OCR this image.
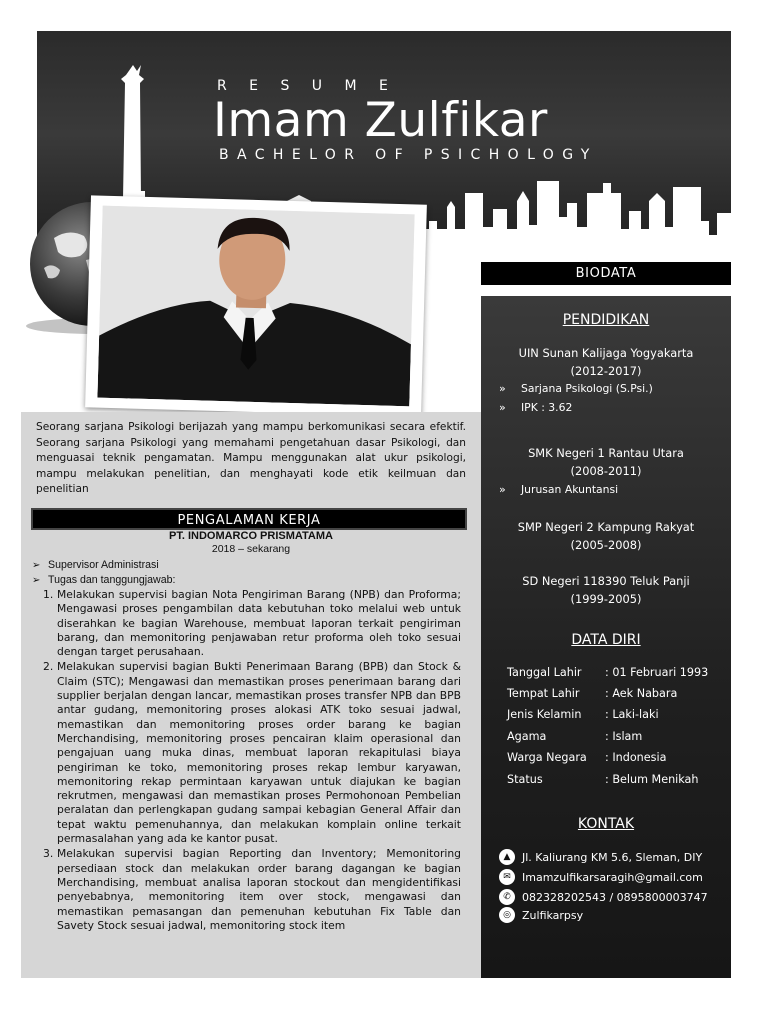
R E S U M E
Imam Zulfikar
BACHELOR OF PSICHOLOGY

Seorang sarjana Psikologi berijazah yang mampu berkomunikasi secara efektif. Seorang sarjana Psikologi yang memahami pengetahuan dasar Psikologi, dan menguasai teknik pengamatan. Mampu menggunakan alat ukur psikologi, mampu melakukan penelitian, dan menghayati kode etik keilmuan dan penelitian

PENGALAMAN KERJA
PT. INDOMARCO PRISMATAMA
2018 – sekarang
➢ Supervisor Administrasi
➢ Tugas dan tanggungjawab:
1. Melakukan supervisi bagian Nota Pengiriman Barang (NPB) dan Proforma; Mengawasi proses pengambilan data kebutuhan toko melalui web untuk diserahkan ke bagian Warehouse, membuat laporan terkait pengiriman barang, dan memonitoring penjawaban retur proforma oleh toko sesuai dengan target perusahaan.
2. Melakukan supervisi bagian Bukti Penerimaan Barang (BPB) dan Stock & Claim (STC); Mengawasi dan memastikan proses penerimaan barang dari supplier berjalan dengan lancar, memastikan proses transfer NPB dan BPB antar gudang, memonitoring proses alokasi ATK toko sesuai jadwal, memastikan dan memonitoring proses order barang ke bagian Merchandising, memonitoring proses pencairan klaim operasional dan pengajuan uang muka dinas, membuat laporan rekapitulasi biaya pengiriman ke toko, memonitoring proses rekap lembur karyawan, memonitoring rekap permintaan karyawan untuk diajukan ke bagian rekrutmen, mengawasi dan memastikan proses Permohonoan Pembelian peralatan dan perlengkapan gudang sampai kebagian General Affair dan tepat waktu pemenuhannya, dan melakukan komplain online terkait permasalahan yang ada ke kantor pusat.
3. Melakukan supervisi bagian Reporting dan Inventory; Memonitoring persediaan stock dan melakukan order barang dagangan ke bagian Merchandising, membuat analisa laporan stockout dan mengidentifikasi penyebabnya, memonitoring item over stock, mengawasi dan memastikan pemasangan dan pemenuhan kebutuhan Fix Table dan Savety Stock sesuai jadwal, memonitoring stock item
BIODATA
PENDIDIKAN
UIN Sunan Kalijaga Yogyakarta
(2012-2017)
» Sarjana Psikologi (S.Psi.)
» IPK : 3.62
SMK Negeri 1 Rantau Utara
(2008-2011)
» Jurusan Akuntansi
SMP Negeri 2 Kampung Rakyat
(2005-2008)
SD Negeri 118390 Teluk Panji
(1999-2005)
DATA DIRI
Tanggal Lahir : 01 Februari 1993
Tempat Lahir : Aek Nabara
Jenis Kelamin : Laki-laki
Agama	: Islam
Warga Negara : Indonesia
Status	: Belum Menikah
KONTAK
▲	Jl. Kaliurang KM 5.6, Sleman, DIY
✉	Imamzulfikarsaragih@gmail.com
✆	082328202543 / 0895800003747
◎	Zulfikarpsy
